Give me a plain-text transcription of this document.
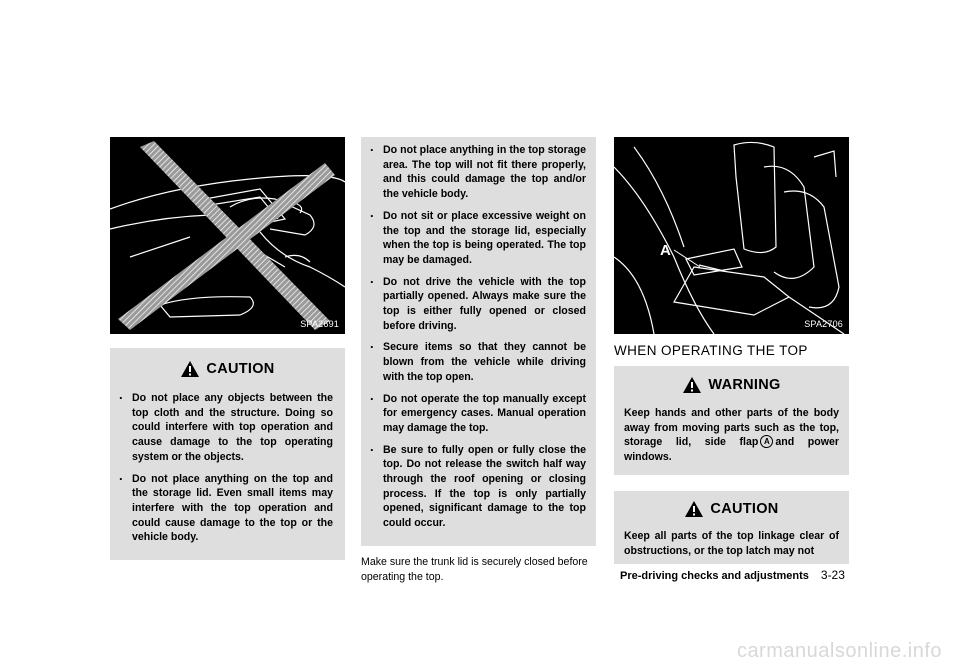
SPA2691
CAUTION
. Do not place any objects between the top cloth and the structure. Doing so could interfere with top operation and cause damage to the top operating system or the objects.
. Do not place anything on the top and the storage lid. Even small items may interfere with the top operation and could cause damage to the top or the vehicle body.
. Do not place anything in the top storage area. The top will not fit there properly, and this could damage the top and/or the vehicle body.
. Do not sit or place excessive weight on the top and the storage lid, especially when the top is being operated. The top may be damaged.
. Do not drive the vehicle with the top partially opened. Always make sure the top is either fully opened or closed before driving.
. Secure items so that they cannot be blown from the vehicle while driving with the top open.
. Do not operate the top manually except for emergency cases. Manual operation may damage the top.
. Be sure to fully open or fully close the top. Do not release the switch half way through the roof opening or closing process. If the top is only partially opened, significant damage to the top could occur.

Make sure the trunk lid is securely closed before operating the top.

A
SPA2706
WHEN OPERATING THE TOP
WARNING

Keep hands and other parts of the body away from moving parts such as the top, storage lid, side flap A and power windows.

CAUTION

Keep all parts of the top linkage clear of obstructions, or the top latch may not

Pre-driving checks and adjustments 3-23
carmanualsonline.info
